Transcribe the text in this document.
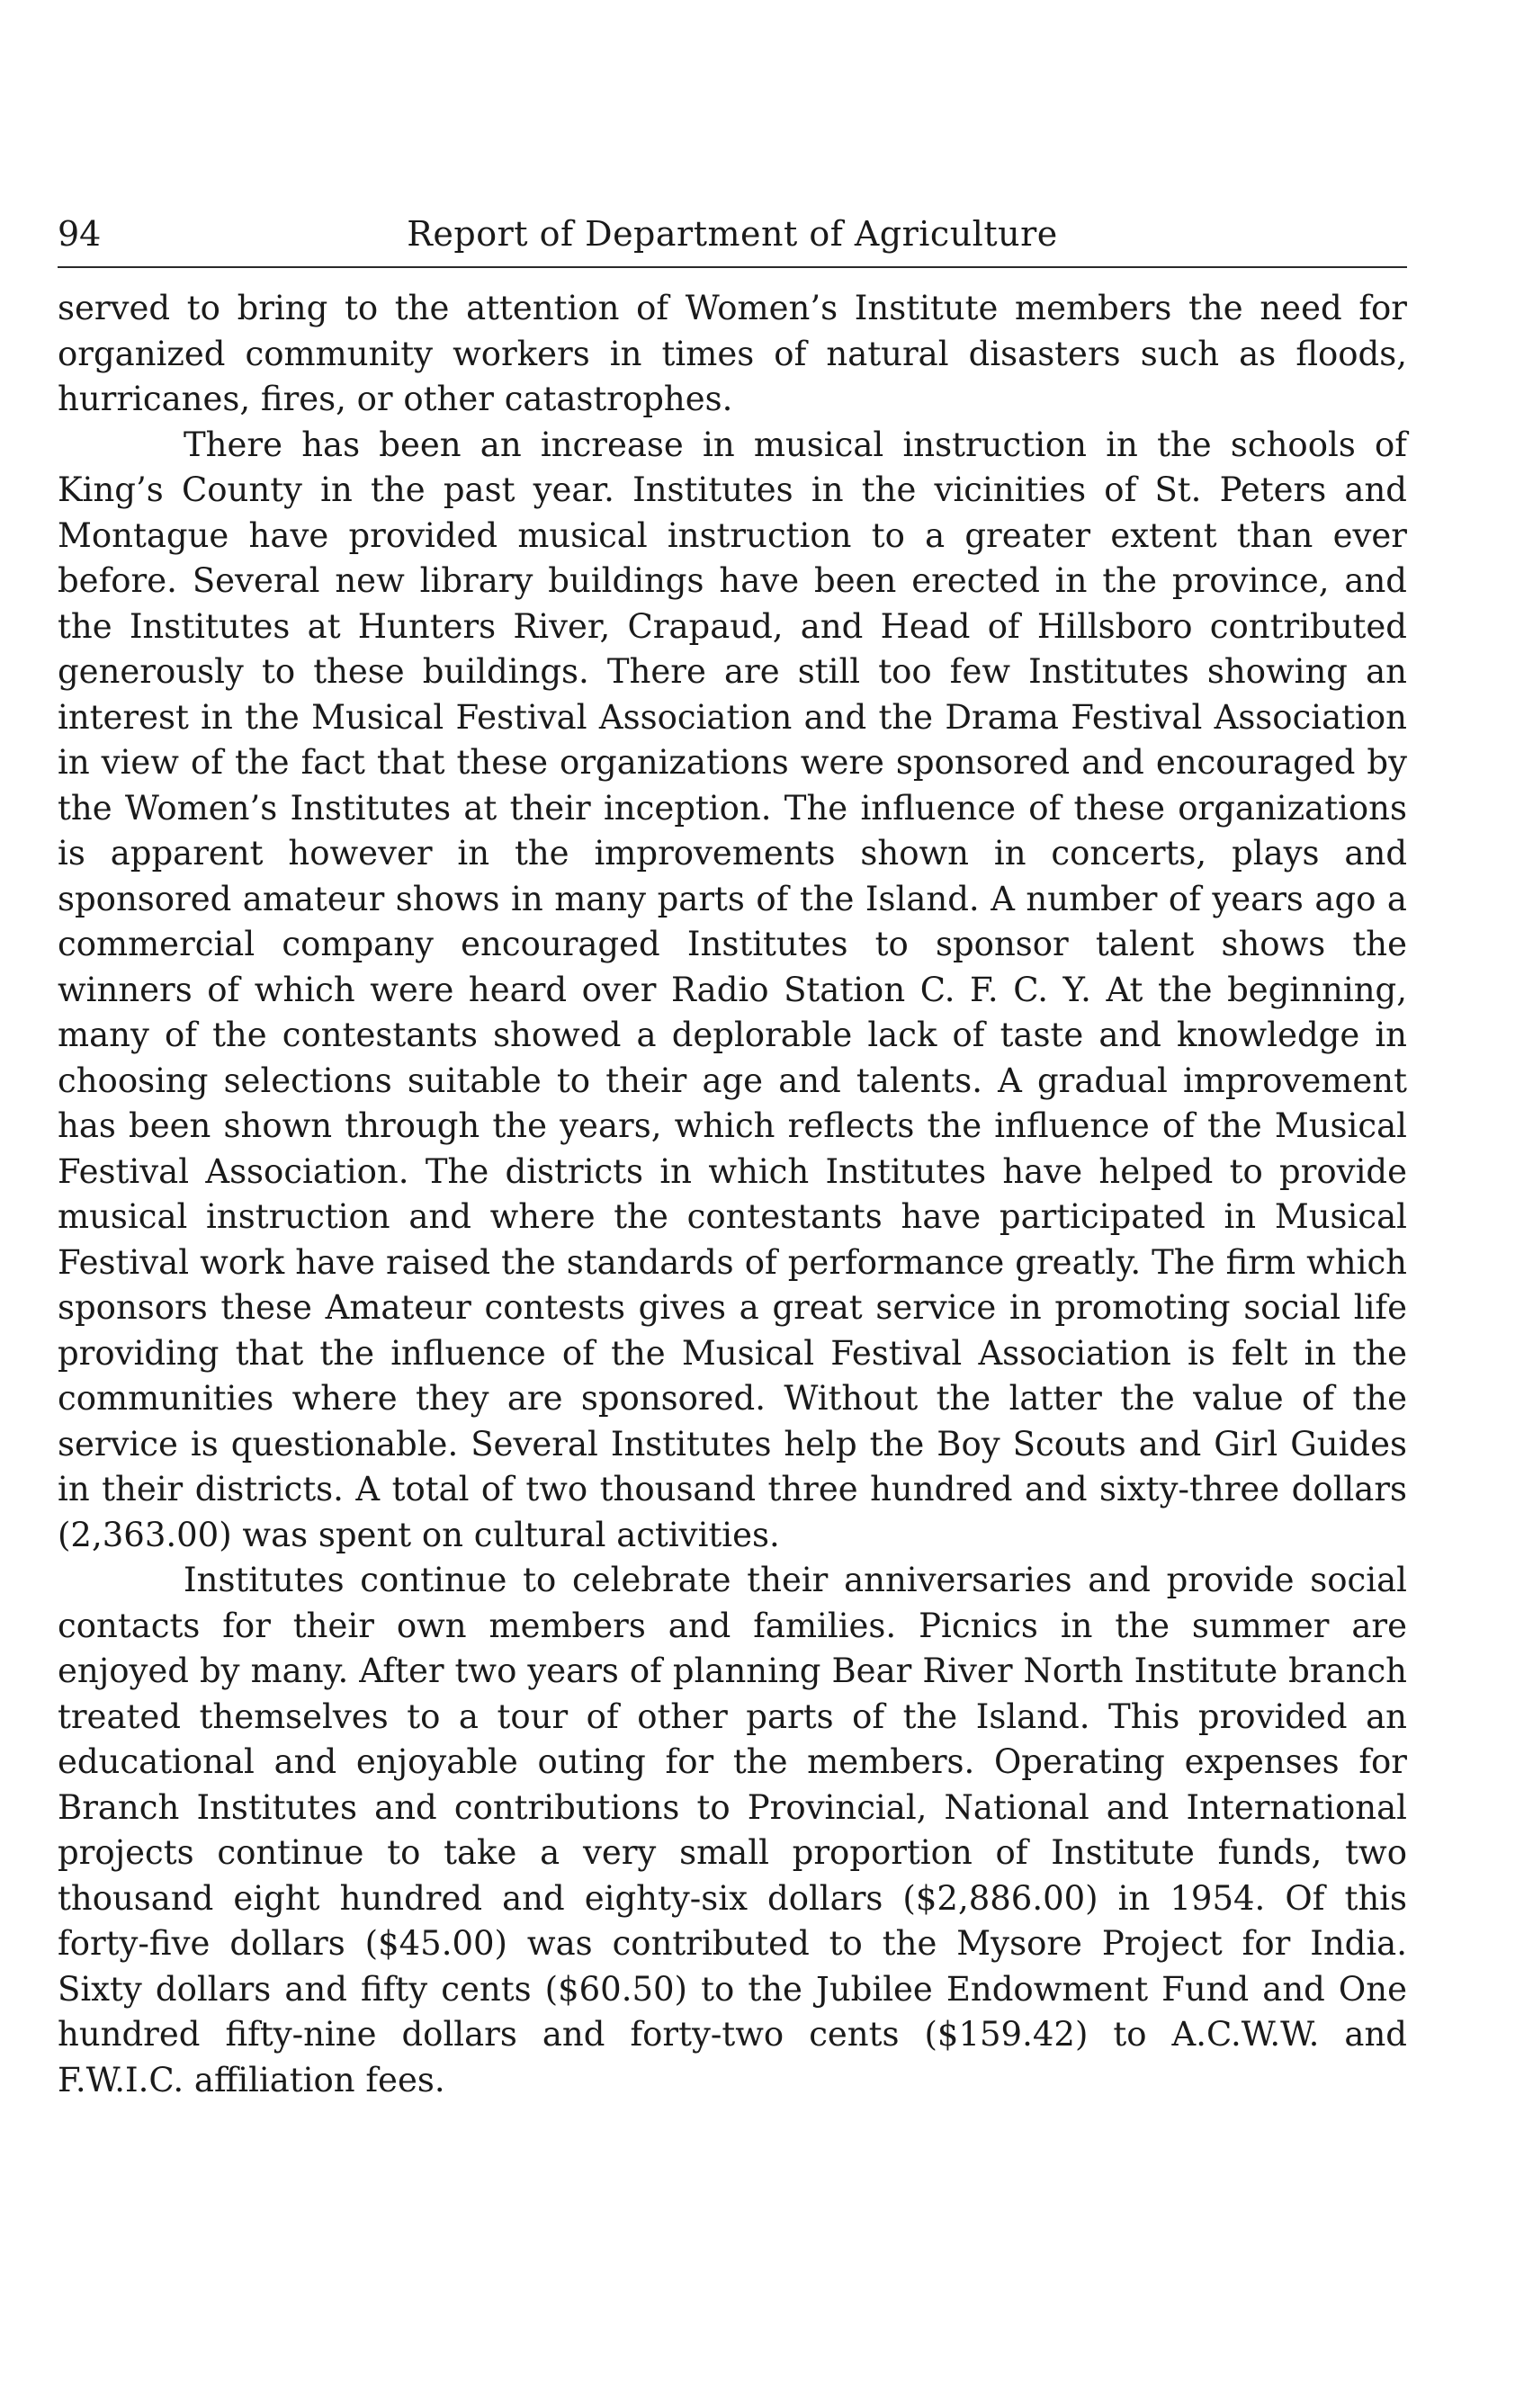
94	Report of Department of Agriculture

served to bring to the attention of Women’s Institute members the need for organized community workers in times of natural disasters such as floods, hurricanes, fires, or other catastrophes.

There has been an increase in musical instruction in the schools of King’s County in the past year. Institutes in the vicinities of St. Peters and Montague have provided musical instruction to a greater extent than ever before. Several new library buildings have been erected in the province, and the Institutes at Hunters River, Crapaud, and Head of Hillsboro contributed generously to these buildings. There are still too few Institutes showing an interest in the Musical Festival Association and the Drama Festival Association in view of the fact that these organizations were sponsored and encouraged by the Women’s Institutes at their inception. The influence of these organizations is apparent however in the improvements shown in concerts, plays and sponsored amateur shows in many parts of the Island. A number of years ago a commercial company encouraged Institutes to sponsor talent shows the winners of which were heard over Radio Station C. F. C. Y. At the beginning, many of the contestants showed a deplorable lack of taste and knowledge in choosing selections suitable to their age and talents. A gradual improvement has been shown through the years, which reflects the influence of the Musical Festival Association. The districts in which Institutes have helped to provide musical instruction and where the contestants have participated in Musical Festival work have raised the standards of performance greatly. The firm which sponsors these Amateur contests gives a great service in promoting social life providing that the influence of the Musical Festival Association is felt in the communities where they are sponsored. Without the latter the value of the service is questionable. Several Institutes help the Boy Scouts and Girl Guides in their districts. A total of two thousand three hundred and sixty-three dollars (2,363.00) was spent on cultural activities.

Institutes continue to celebrate their anniversaries and provide social contacts for their own members and families. Picnics in the summer are enjoyed by many. After two years of planning Bear River North Institute branch treated themselves to a tour of other parts of the Island. This provided an educational and enjoyable outing for the members. Operating expenses for Branch Institutes and contributions to Provincial, National and International projects continue to take a very small proportion of Institute funds, two thousand eight hundred and eighty-six dollars ($2,886.00) in 1954. Of this forty-five dollars ($45.00) was contributed to the Mysore Project for India. Sixty dollars and fifty cents ($60.50) to the Jubilee Endowment Fund and One hundred fifty-nine dollars and forty-two cents ($159.42) to A.C.W.W. and F.W.I.C. affiliation fees.
